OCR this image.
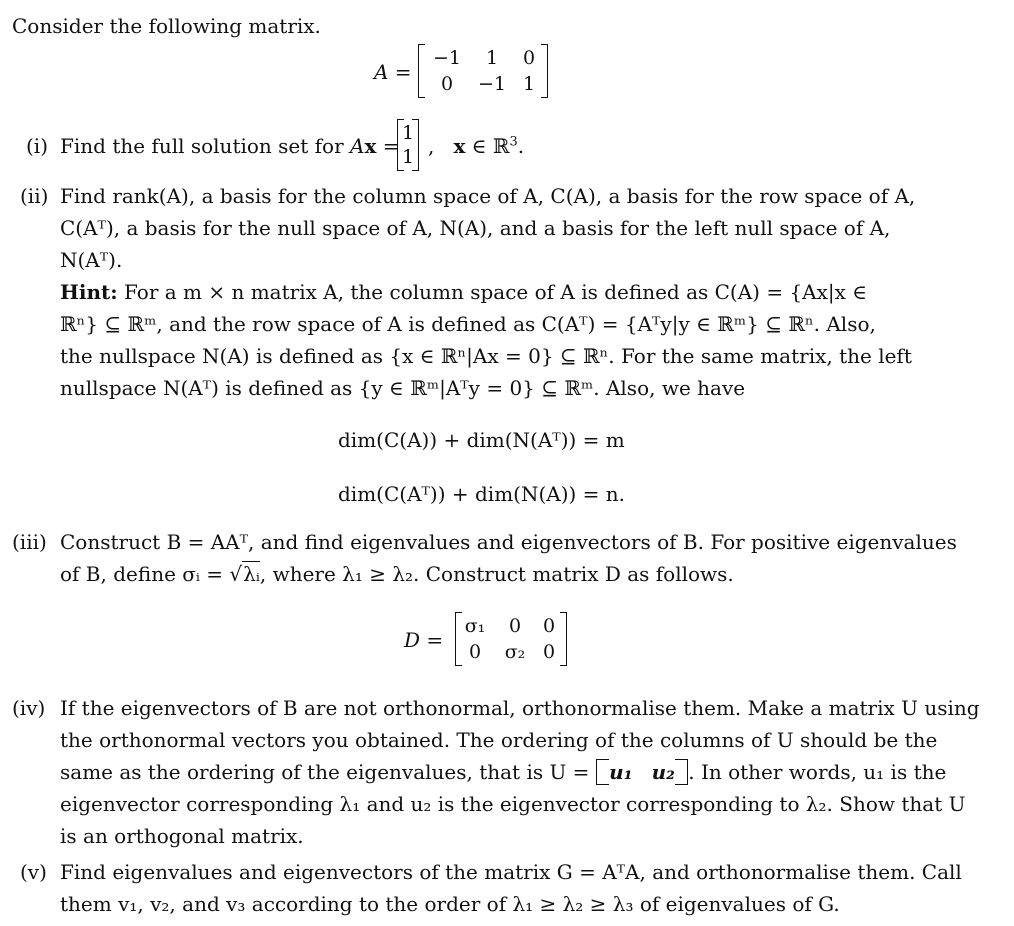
Consider the following matrix.
A =
−1	1	0
0	−1 1
(i) Find the full solution set for Ax =
1
1 ,   x ∈ ℝ$^3$.
(ii) Find rank(A), a basis for the column space of A, C(A), a basis for the row space of A,
C(Aᵀ), a basis for the null space of A, N(A), and a basis for the left null space of A,
N(Aᵀ).
Hint: For a m × n matrix A, the column space of A is defined as C(A) = {Ax|x ∈
ℝⁿ} ⊆ ℝᵐ, and the row space of A is defined as C(Aᵀ) = {Aᵀy|y ∈ ℝᵐ} ⊆ ℝⁿ. Also,
the nullspace N(A) is defined as {x ∈ ℝⁿ|Ax = 0} ⊆ ℝⁿ. For the same matrix, the left
nullspace N(Aᵀ) is defined as {y ∈ ℝᵐ|Aᵀy = 0} ⊆ ℝᵐ. Also, we have
dim(C(A)) + dim(N(Aᵀ)) = m
dim(C(Aᵀ)) + dim(N(A)) = n.
(iii) Construct B = AAᵀ, and find eigenvalues and eigenvectors of B. For positive eigenvalues
of B, define σᵢ = √λᵢ, where λ₁ ≥ λ₂. Construct matrix D as follows.
D =
σ₁	0	0
0	σ₂ 0
(iv) If the eigenvectors of B are not orthonormal, orthonormalise them. Make a matrix U using
the orthonormal vectors you obtained. The ordering of the columns of U should be the
same as the ordering of the eigenvalues, that is U = u₁ u₂ . In other words, u₁ is the
eigenvector corresponding λ₁ and u₂ is the eigenvector corresponding to λ₂. Show that U
is an orthogonal matrix.
(v) Find eigenvalues and eigenvectors of the matrix G = AᵀA, and orthonormalise them. Call
them v₁, v₂, and v₃ according to the order of λ₁ ≥ λ₂ ≥ λ₃ of eigenvalues of G.
